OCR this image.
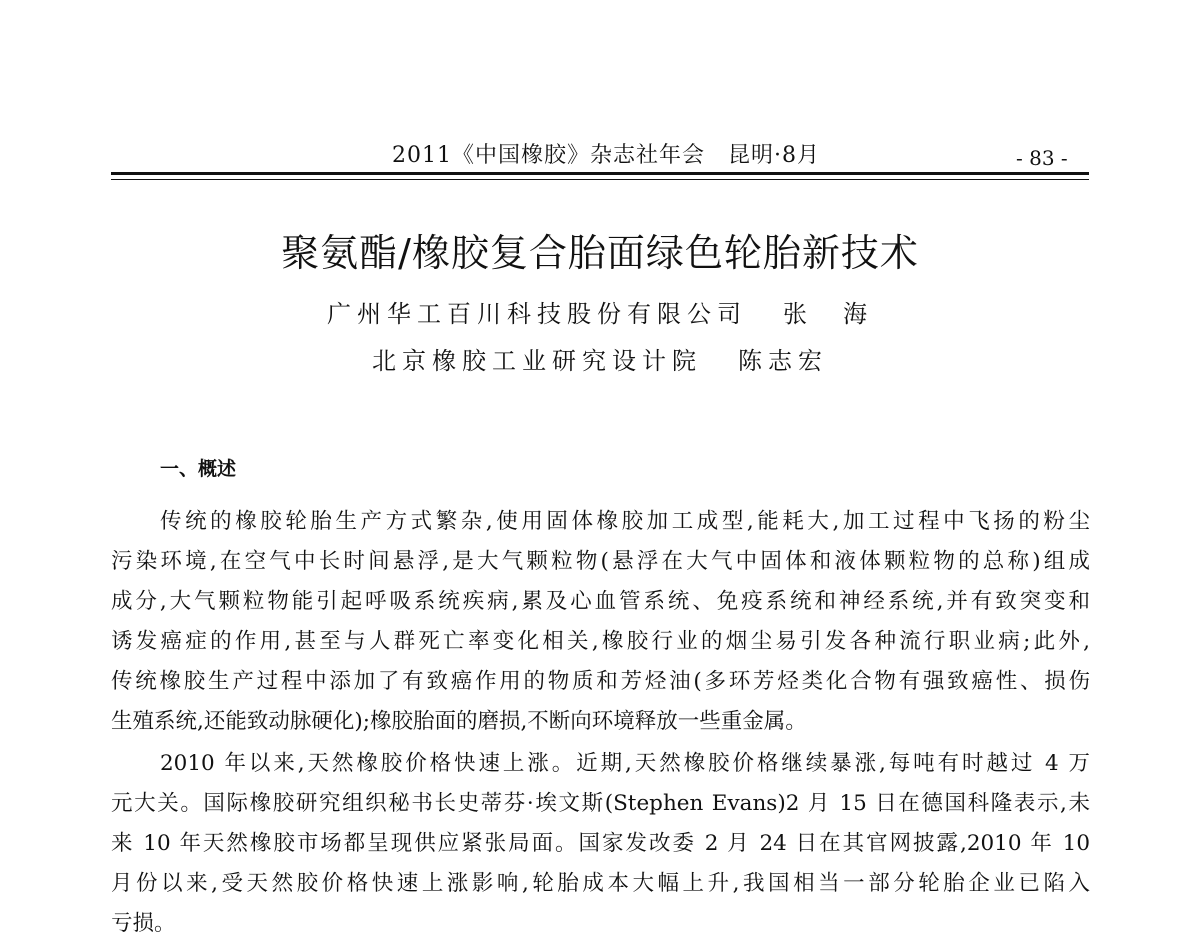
2011《中国橡胶》杂志社年会　昆明·8月	- 83 -
聚氨酯/橡胶复合胎面绿色轮胎新技术
广州华工百川科技股份有限公司 张　海
北京橡胶工业研究设计院 陈志宏
一、概述
传统的橡胶轮胎生产方式繁杂,使用固体橡胶加工成型,能耗大,加工过程中飞扬的粉尘
污染环境,在空气中长时间悬浮,是大气颗粒物(悬浮在大气中固体和液体颗粒物的总称)组成
成分,大气颗粒物能引起呼吸系统疾病,累及心血管系统、免疫系统和神经系统,并有致突变和
诱发癌症的作用,甚至与人群死亡率变化相关,橡胶行业的烟尘易引发各种流行职业病;此外,
传统橡胶生产过程中添加了有致癌作用的物质和芳烃油(多环芳烃类化合物有强致癌性、损伤
生殖系统,还能致动脉硬化);橡胶胎面的磨损,不断向环境释放一些重金属。
2010 年以来,天然橡胶价格快速上涨。近期,天然橡胶价格继续暴涨,每吨有时越过 4 万
元大关。国际橡胶研究组织秘书长史蒂芬·埃文斯(Stephen Evans)2 月 15 日在德国科隆表示,未
来 10 年天然橡胶市场都呈现供应紧张局面。国家发改委 2 月 24 日在其官网披露,2010 年 10
月份以来,受天然胶价格快速上涨影响,轮胎成本大幅上升,我国相当一部分轮胎企业已陷入
亏损。
